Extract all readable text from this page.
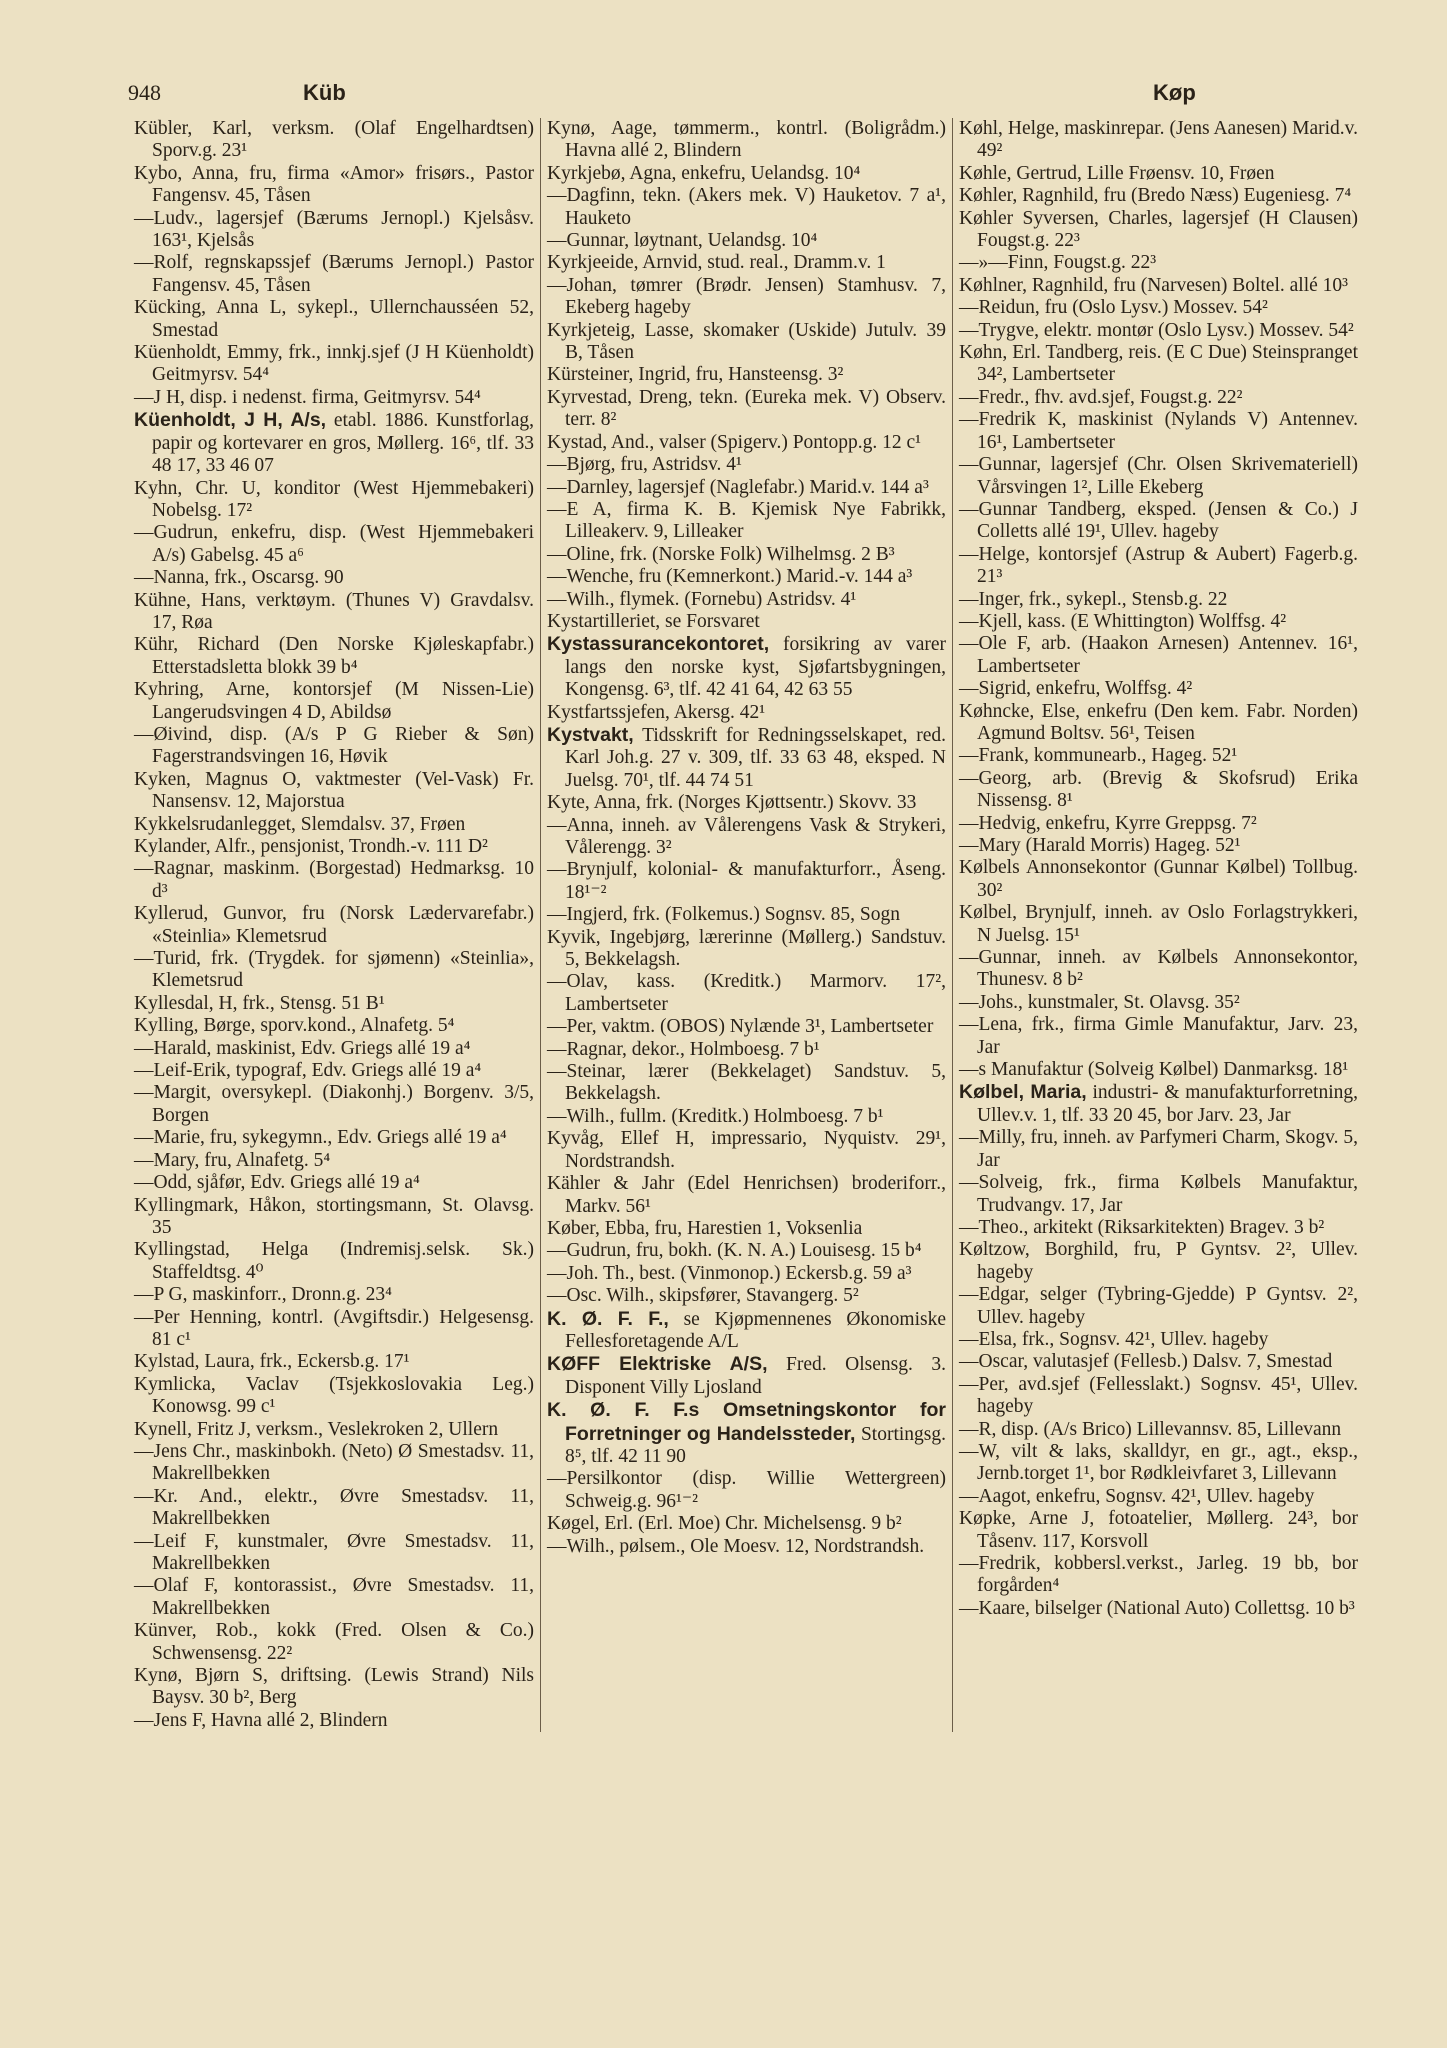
948	Küb	Køp

Kübler, Karl, verksm. (Olaf Engelhardtsen) Sporv.g. 23¹

Kybo, Anna, fru, firma «Amor» frisørs., Pastor Fangensv. 45, Tåsen

—Ludv., lagersjef (Bærums Jernopl.) Kjelsåsv. 163¹, Kjelsås

—Rolf, regnskapssjef (Bærums Jernopl.) Pastor Fangensv. 45, Tåsen

Kücking, Anna L, sykepl., Ullernchausséen 52, Smestad

Küenholdt, Emmy, frk., innkj.sjef (J H Küenholdt) Geitmyrsv. 54⁴

—J H, disp. i nedenst. firma, Geitmyrsv. 54⁴

Küenholdt, J H, A/s, etabl. 1886. Kunstforlag, papir og kortevarer en gros, Møllerg. 16⁶, tlf. 33 48 17, 33 46 07

Kyhn, Chr. U, konditor (West Hjemmebakeri) Nobelsg. 17²

—Gudrun, enkefru, disp. (West Hjemmebakeri A/s) Gabelsg. 45 a⁶

—Nanna, frk., Oscarsg. 90

Kühne, Hans, verktøym. (Thunes V) Gravdalsv. 17, Røa

Kühr, Richard (Den Norske Kjøleskapfabr.) Etterstadsletta blokk 39 b⁴

Kyhring, Arne, kontorsjef (M Nissen-Lie) Langerudsvingen 4 D, Abildsø

—Øivind, disp. (A/s P G Rieber & Søn) Fagerstrandsvingen 16, Høvik

Kyken, Magnus O, vaktmester (Vel-Vask) Fr. Nansensv. 12, Majorstua

Kykkelsrudanlegget, Slemdalsv. 37, Frøen

Kylander, Alfr., pensjonist, Trondh.-v. 111 D²

—Ragnar, maskinm. (Borgestad) Hedmarksg. 10 d³

Kyllerud, Gunvor, fru (Norsk Lædervarefabr.) «Steinlia» Klemetsrud

—Turid, frk. (Trygdek. for sjømenn) «Steinlia», Klemetsrud

Kyllesdal, H, frk., Stensg. 51 B¹

Kylling, Børge, sporv.kond., Alnafetg. 5⁴

—Harald, maskinist, Edv. Griegs allé 19 a⁴

—Leif-Erik, typograf, Edv. Griegs allé 19 a⁴

—Margit, oversykepl. (Diakonhj.) Borgenv. 3/5, Borgen

—Marie, fru, sykegymn., Edv. Griegs allé 19 a⁴

—Mary, fru, Alnafetg. 5⁴

—Odd, sjåfør, Edv. Griegs allé 19 a⁴

Kyllingmark, Håkon, stortingsmann, St. Olavsg. 35

Kyllingstad, Helga (Indremisj.selsk. Sk.) Staffeldtsg. 4⁰

—P G, maskinforr., Dronn.g. 23⁴

—Per Henning, kontrl. (Avgiftsdir.) Helgesensg. 81 c¹

Kylstad, Laura, frk., Eckersb.g. 17¹

Kymlicka, Vaclav (Tsjekkoslovakia Leg.) Konowsg. 99 c¹

Kynell, Fritz J, verksm., Veslekroken 2, Ullern

—Jens Chr., maskinbokh. (Neto) Ø Smestadsv. 11, Makrellbekken

—Kr. And., elektr., Øvre Smestadsv. 11, Makrellbekken

—Leif F, kunstmaler, Øvre Smestadsv. 11, Makrellbekken

—Olaf F, kontorassist., Øvre Smestadsv. 11, Makrellbekken

Künver, Rob., kokk (Fred. Olsen & Co.) Schwensensg. 22²

Kynø, Bjørn S, driftsing. (Lewis Strand) Nils Baysv. 30 b², Berg

—Jens F, Havna allé 2, Blindern

Kynø, Aage, tømmerm., kontrl. (Boligrådm.) Havna allé 2, Blindern

Kyrkjebø, Agna, enkefru, Uelandsg. 10⁴

—Dagfinn, tekn. (Akers mek. V) Hauketov. 7 a¹, Hauketo

—Gunnar, løytnant, Uelandsg. 10⁴

Kyrkjeeide, Arnvid, stud. real., Dramm.v. 1

—Johan, tømrer (Brødr. Jensen) Stamhusv. 7, Ekeberg hageby

Kyrkjeteig, Lasse, skomaker (Uskide) Jutulv. 39 B, Tåsen

Kürsteiner, Ingrid, fru, Hansteensg. 3²

Kyrvestad, Dreng, tekn. (Eureka mek. V) Observ. terr. 8²

Kystad, And., valser (Spigerv.) Pontopp.g. 12 c¹

—Bjørg, fru, Astridsv. 4¹

—Darnley, lagersjef (Naglefabr.) Marid.v. 144 a³

—E A, firma K. B. Kjemisk Nye Fabrikk, Lilleakerv. 9, Lilleaker

—Oline, frk. (Norske Folk) Wilhelmsg. 2 B³

—Wenche, fru (Kemnerkont.) Marid.-v. 144 a³

—Wilh., flymek. (Fornebu) Astridsv. 4¹

Kystartilleriet, se Forsvaret

Kystassurancekontoret, forsikring av varer langs den norske kyst, Sjøfartsbygningen, Kongensg. 6³, tlf. 42 41 64, 42 63 55

Kystfartssjefen, Akersg. 42¹

Kystvakt, Tidsskrift for Redningsselskapet, red. Karl Joh.g. 27 v. 309, tlf. 33 63 48, eksped. N Juelsg. 70¹, tlf. 44 74 51

Kyte, Anna, frk. (Norges Kjøttsentr.) Skovv. 33

—Anna, inneh. av Vålerengens Vask & Strykeri, Vålerengg. 3²

—Brynjulf, kolonial- & manufakturforr., Åseng. 18¹⁻²

—Ingjerd, frk. (Folkemus.) Sognsv. 85, Sogn

Kyvik, Ingebjørg, lærerinne (Møllerg.) Sandstuv. 5, Bekkelagsh.

—Olav, kass. (Kreditk.) Marmorv. 17², Lambertseter

—Per, vaktm. (OBOS) Nylænde 3¹, Lambertseter

—Ragnar, dekor., Holmboesg. 7 b¹

—Steinar, lærer (Bekkelaget) Sandstuv. 5, Bekkelagsh.

—Wilh., fullm. (Kreditk.) Holmboesg. 7 b¹

Kyvåg, Ellef H, impressario, Nyquistv. 29¹, Nordstrandsh.

Kähler & Jahr (Edel Henrichsen) broderiforr., Markv. 56¹

Køber, Ebba, fru, Harestien 1, Voksenlia

—Gudrun, fru, bokh. (K. N. A.) Louisesg. 15 b⁴

—Joh. Th., best. (Vinmonop.) Eckersb.g. 59 a³

—Osc. Wilh., skipsfører, Stavangerg. 5²

K. Ø. F. F., se Kjøpmennenes Økonomiske Fellesforetagende A/L

KØFF Elektriske A/S, Fred. Olsensg. 3. Disponent Villy Ljosland

K. Ø. F. F.s Omsetningskontor for Forretninger og Handelssteder, Stortingsg. 8⁵, tlf. 42 11 90

—Persilkontor (disp. Willie Wettergreen) Schweig.g. 96¹⁻²

Køgel, Erl. (Erl. Moe) Chr. Michelsensg. 9 b²

—Wilh., pølsem., Ole Moesv. 12, Nordstrandsh.

Køhl, Helge, maskinrepar. (Jens Aanesen) Marid.v. 49²

Køhle, Gertrud, Lille Frøensv. 10, Frøen

Køhler, Ragnhild, fru (Bredo Næss) Eugeniesg. 7⁴

Køhler Syversen, Charles, lagersjef (H Clausen) Fougst.g. 22³

—»—Finn, Fougst.g. 22³

Køhlner, Ragnhild, fru (Narvesen) Boltel. allé 10³

—Reidun, fru (Oslo Lysv.) Mossev. 54²

—Trygve, elektr. montør (Oslo Lysv.) Mossev. 54²

Køhn, Erl. Tandberg, reis. (E C Due) Steinspranget 34², Lambertseter

—Fredr., fhv. avd.sjef, Fougst.g. 22²

—Fredrik K, maskinist (Nylands V) Antennev. 16¹, Lambertseter

—Gunnar, lagersjef (Chr. Olsen Skrivemateriell) Vårsvingen 1², Lille Ekeberg

—Gunnar Tandberg, eksped. (Jensen & Co.) J Colletts allé 19¹, Ullev. hageby

—Helge, kontorsjef (Astrup & Aubert) Fagerb.g. 21³

—Inger, frk., sykepl., Stensb.g. 22

—Kjell, kass. (E Whittington) Wolffsg. 4²

—Ole F, arb. (Haakon Arnesen) Antennev. 16¹, Lambertseter

—Sigrid, enkefru, Wolffsg. 4²

Køhncke, Else, enkefru (Den kem. Fabr. Norden) Agmund Boltsv. 56¹, Teisen

—Frank, kommunearb., Hageg. 52¹

—Georg, arb. (Brevig & Skofsrud) Erika Nissensg. 8¹

—Hedvig, enkefru, Kyrre Greppsg. 7²

—Mary (Harald Morris) Hageg. 52¹

Kølbels Annonsekontor (Gunnar Kølbel) Tollbug. 30²

Kølbel, Brynjulf, inneh. av Oslo Forlagstrykkeri, N Juelsg. 15¹

—Gunnar, inneh. av Kølbels Annonsekontor, Thunesv. 8 b²

—Johs., kunstmaler, St. Olavsg. 35²

—Lena, frk., firma Gimle Manufaktur, Jarv. 23, Jar

—s Manufaktur (Solveig Kølbel) Danmarksg. 18¹

Kølbel, Maria, industri- & manufakturforretning, Ullev.v. 1, tlf. 33 20 45, bor Jarv. 23, Jar

—Milly, fru, inneh. av Parfymeri Charm, Skogv. 5, Jar

—Solveig, frk., firma Kølbels Manufaktur, Trudvangv. 17, Jar

—Theo., arkitekt (Riksarkitekten) Bragev. 3 b²

Køltzow, Borghild, fru, P Gyntsv. 2², Ullev. hageby

—Edgar, selger (Tybring-Gjedde) P Gyntsv. 2², Ullev. hageby

—Elsa, frk., Sognsv. 42¹, Ullev. hageby

—Oscar, valutasjef (Fellesb.) Dalsv. 7, Smestad

—Per, avd.sjef (Fellesslakt.) Sognsv. 45¹, Ullev. hageby

—R, disp. (A/s Brico) Lillevannsv. 85, Lillevann

—W, vilt & laks, skalldyr, en gr., agt., eksp., Jernb.torget 1¹, bor Rødkleivfaret 3, Lillevann

—Aagot, enkefru, Sognsv. 42¹, Ullev. hageby

Køpke, Arne J, fotoatelier, Møllerg. 24³, bor Tåsenv. 117, Korsvoll

—Fredrik, kobbersl.verkst., Jarleg. 19 bb, bor forgården⁴

—Kaare, bilselger (National Auto) Collettsg. 10 b³
